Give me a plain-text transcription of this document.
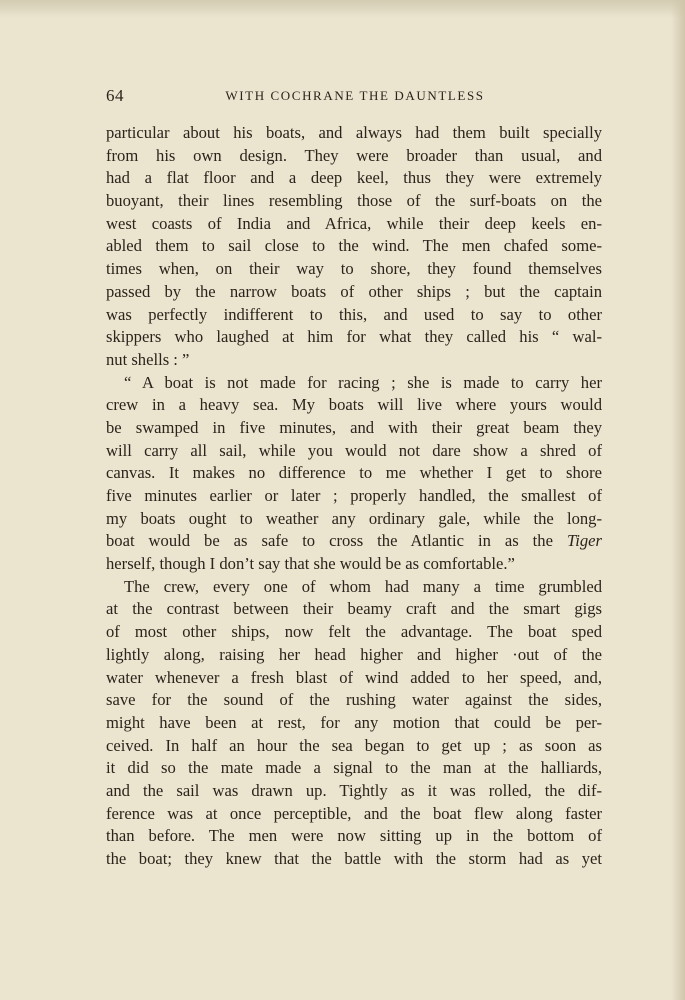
64	WITH COCHRANE THE DAUNTLESS
particular about his boats, and always had them built specially
from his own design. They were broader than usual, and
had a flat floor and a deep keel, thus they were extremely
buoyant, their lines resembling those of the surf-boats on the
west coasts of India and Africa, while their deep keels en-
abled them to sail close to the wind. The men chafed some-
times when, on their way to shore, they found themselves
passed by the narrow boats of other ships ; but the captain
was perfectly indifferent to this, and used to say to other
skippers who laughed at him for what they called his “ wal-
nut shells : ”
“ A boat is not made for racing ; she is made to carry her
crew in a heavy sea. My boats will live where yours would
be swamped in five minutes, and with their great beam they
will carry all sail, while you would not dare show a shred of
canvas. It makes no difference to me whether I get to shore
five minutes earlier or later ; properly handled, the smallest of
my boats ought to weather any ordinary gale, while the long-
boat would be as safe to cross the Atlantic in as the Tiger
herself, though I don’t say that she would be as comfortable.”
The crew, every one of whom had many a time grumbled
at the contrast between their beamy craft and the smart gigs
of most other ships, now felt the advantage. The boat sped
lightly along, raising her head higher and higher ·out of the
water whenever a fresh blast of wind added to her speed, and,
save for the sound of the rushing water against the sides,
might have been at rest, for any motion that could be per-
ceived. In half an hour the sea began to get up ; as soon as
it did so the mate made a signal to the man at the halliards,
and the sail was drawn up. Tightly as it was rolled, the dif-
ference was at once perceptible, and the boat flew along faster
than before. The men were now sitting up in the bottom of
the boat; they knew that the battle with the storm had as yet
